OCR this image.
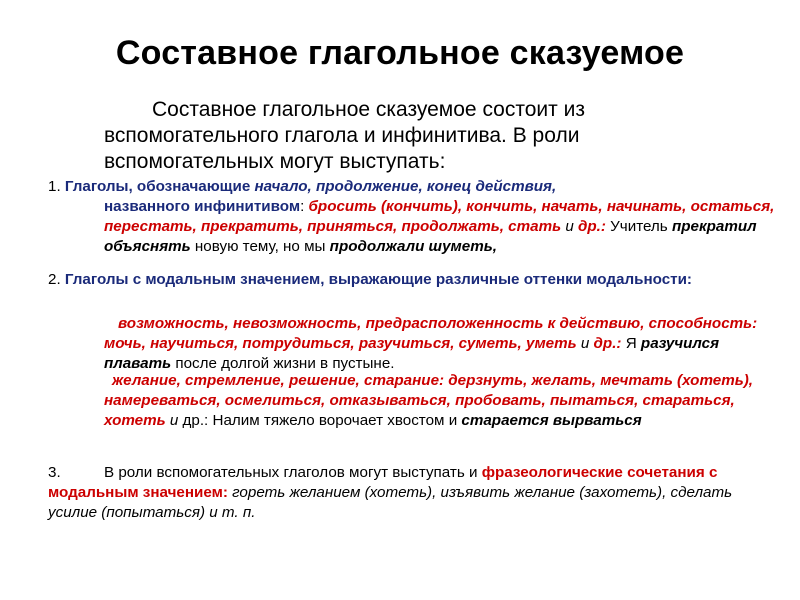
Составное глагольное сказуемое
Составное глагольное сказуемое состоит из вспомогательного глагола и инфинитива. В роли вспомогательных могут выступать:
1. Глаголы, обозначающие начало, продолжение, конец действия,
названного инфинитивом: бросить (кончить), кончить, начать, начинать, остаться, перестать, прекратить, приняться, продолжать, стать и др.: Учитель прекратил объяснять новую тему, но мы продолжали шуметь,
2. Глаголы с модальным значением, выражающие различные оттенки модальности:
возможность, невозможность, предрасположенность к действию, способность: мочь, научиться, потрудиться, разучиться, суметь, уметь и др.: Я разучился плавать после долгой жизни в пустыне.
желание, стремление, решение, старание: дерзнуть, желать, мечтать (хотеть), намереваться, осмелиться, отказываться, пробовать, пытаться, стараться, хотеть и др.: Налим тяжело ворочает хвостом и старается вырваться
3.	В роли вспомогательных глаголов могут выступать и фразеологические сочетания с модальным значением: гореть желанием (хотеть), изъявить желание (захотеть), сделать усилие (попытаться) и т. п.
